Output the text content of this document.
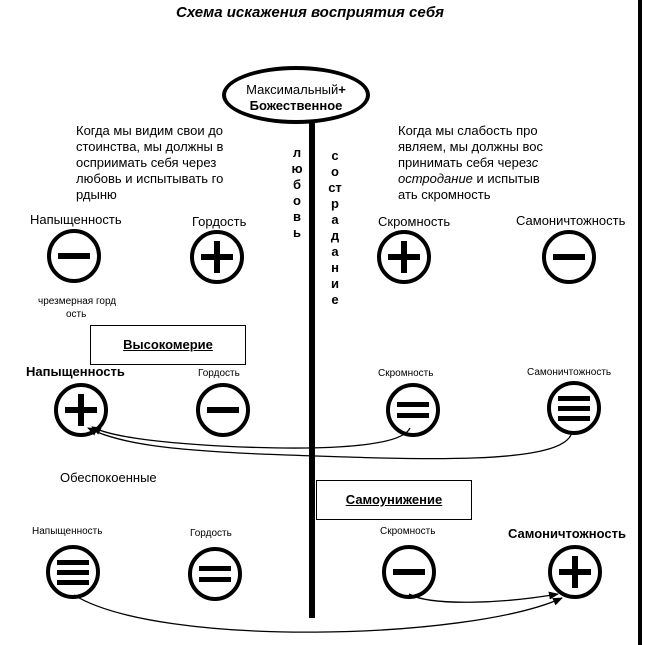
Схема искажения восприятия себя
Максимальный+
Божественное
Когда мы видим свои до
стоинства, мы должны в
осприимать себя через
любовь и испытывать го
рдыню
Когда мы слабость про
являем, мы должны вос
принимать себя черезс
остродание и испытыв
ать скромность
любовь
сострадание
Напыщенность	Гордость	Скромность	Самоничтожность
чрезмерная горд
ость
Высокомерие
Напыщенность	Гордость	Скромность	Самоничтожность
Обеспокоенные
Самоунижение
Напыщенность	Гордость	Скромность	Самоничтожность
